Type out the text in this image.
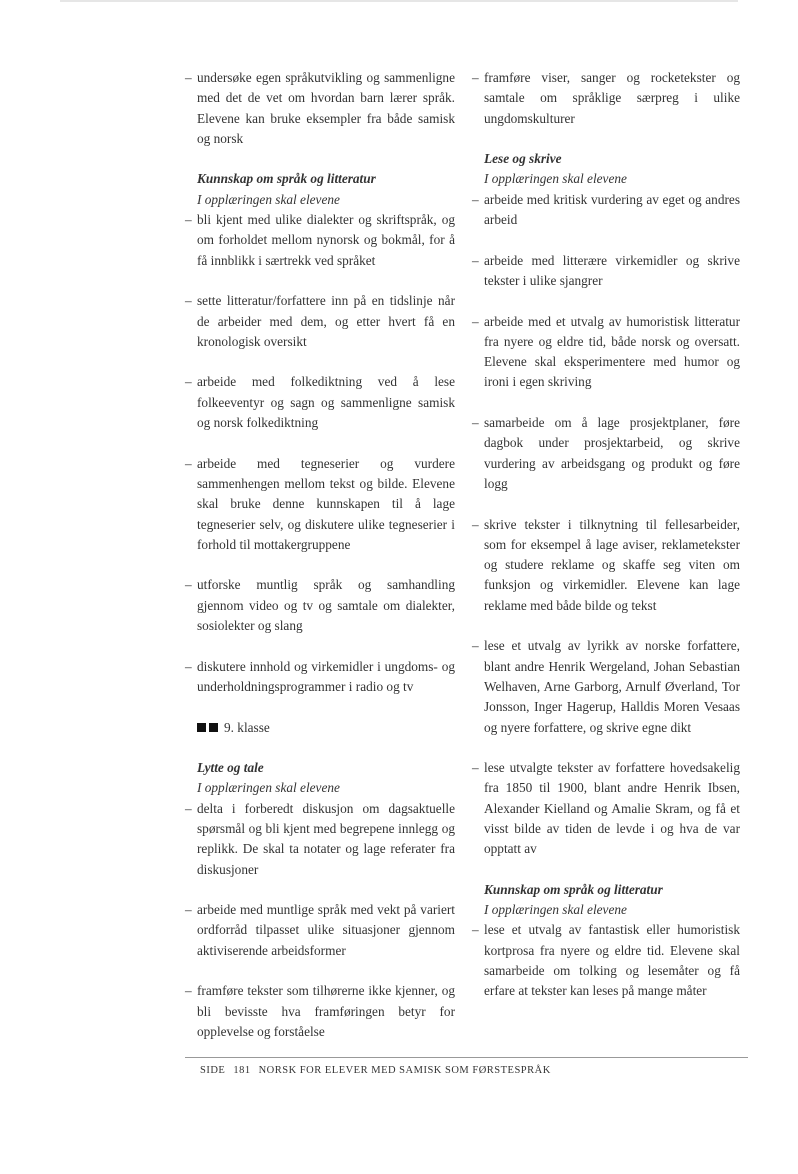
– undersøke egen språkutvikling og sammenligne med det de vet om hvordan barn lærer språk. Elevene kan bruke eksempler fra både samisk og norsk
Kunnskap om språk og litteratur
I opplæringen skal elevene
– bli kjent med ulike dialekter og skriftspråk, og om forholdet mellom nynorsk og bokmål, for å få innblikk i særtrekk ved språket
– sette litteratur/forfattere inn på en tidslinje når de arbeider med dem, og etter hvert få en kronologisk oversikt
– arbeide med folkediktning ved å lese folkeeventyr og sagn og sammenligne samisk og norsk folkediktning
– arbeide med tegneserier og vurdere sammenhengen mellom tekst og bilde. Elevene skal bruke denne kunnskapen til å lage tegneserier selv, og diskutere ulike tegneserier i forhold til mottakergruppene
– utforske muntlig språk og samhandling gjennom video og tv og samtale om dialekter, sosiolekter og slang
– diskutere innhold og virkemidler i ungdoms- og underholdningsprogrammer i radio og tv
9. klasse
Lytte og tale
I opplæringen skal elevene
– delta i forberedt diskusjon om dagsaktuelle spørsmål og bli kjent med begrepene innlegg og replikk. De skal ta notater og lage referater fra diskusjoner
– arbeide med muntlige språk med vekt på variert ordforråd tilpasset ulike situasjoner gjennom aktiviserende arbeidsformer
– framføre tekster som tilhørerne ikke kjenner, og bli bevisste hva framføringen betyr for opplevelse og forståelse
– framføre viser, sanger og rocketekster og samtale om språklige særpreg i ulike ungdomskulturer
Lese og skrive
I opplæringen skal elevene
– arbeide med kritisk vurdering av eget og andres arbeid
– arbeide med litterære virkemidler og skrive tekster i ulike sjangrer
– arbeide med et utvalg av humoristisk litteratur fra nyere og eldre tid, både norsk og oversatt. Elevene skal eksperimentere med humor og ironi i egen skriving
– samarbeide om å lage prosjektplaner, føre dagbok under prosjektarbeid, og skrive vurdering av arbeidsgang og produkt og føre logg
– skrive tekster i tilknytning til fellesarbeider, som for eksempel å lage aviser, reklametekster og studere reklame og skaffe seg viten om funksjon og virkemidler. Elevene kan lage reklame med både bilde og tekst
– lese et utvalg av lyrikk av norske forfattere, blant andre Henrik Wergeland, Johan Sebastian Welhaven, Arne Garborg, Arnulf Øverland, Tor Jonsson, Inger Hagerup, Halldis Moren Vesaas og nyere forfattere, og skrive egne dikt
– lese utvalgte tekster av forfattere hovedsakelig fra 1850 til 1900, blant andre Henrik Ibsen, Alexander Kielland og Amalie Skram, og få et visst bilde av tiden de levde i og hva de var opptatt av
Kunnskap om språk og litteratur
I opplæringen skal elevene
– lese et utvalg av fantastisk eller humoristisk kortprosa fra nyere og eldre tid. Elevene skal samarbeide om tolking og lesemåter og få erfare at tekster kan leses på mange måter
SIDE 181 NORSK FOR ELEVER MED SAMISK SOM FØRSTESPRÅK
